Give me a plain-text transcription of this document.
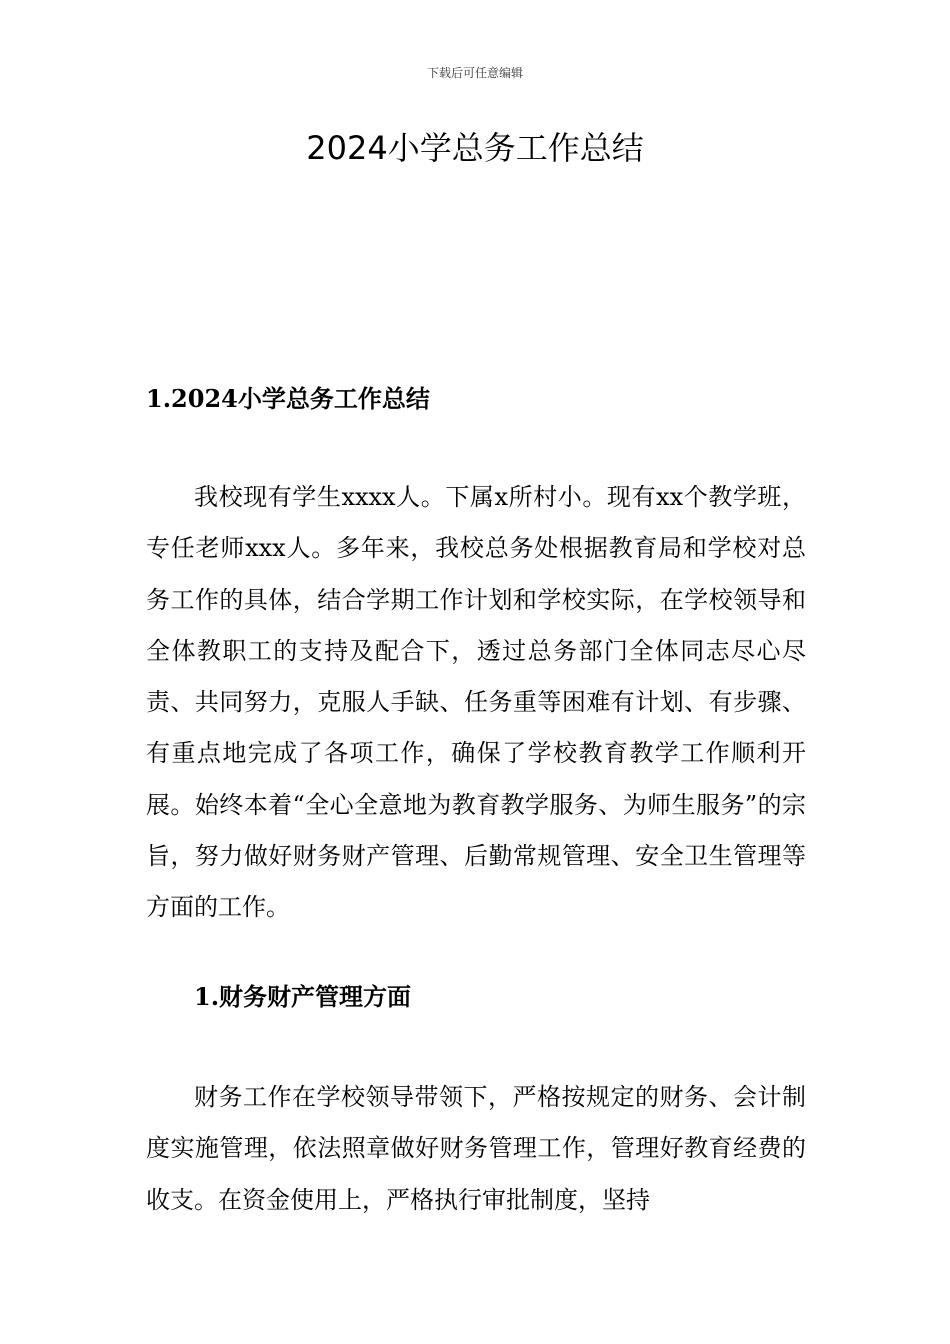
下载后可任意编辑
2024小学总务工作总结
1.2024小学总务工作总结

我校现有学生xxxx人。下属x所村小。现有xx个教学班，专任老师xxx人。多年来，我校总务处根据教育局和学校对总务工作的具体，结合学期工作计划和学校实际，在学校领导和全体教职工的支持及配合下，透过总务部门全体同志尽心尽责、共同努力，克服人手缺、任务重等困难有计划、有步骤、有重点地完成了各项工作，确保了学校教育教学工作顺利开展。始终本着“全心全意地为教育教学服务、为师生服务”的宗旨，努力做好财务财产管理、后勤常规管理、安全卫生管理等方面的工作。

1.财务财产管理方面

财务工作在学校领导带领下，严格按规定的财务、会计制度实施管理，依法照章做好财务管理工作，管理好教育经费的收支。在资金使用上，严格执行审批制度，坚持
